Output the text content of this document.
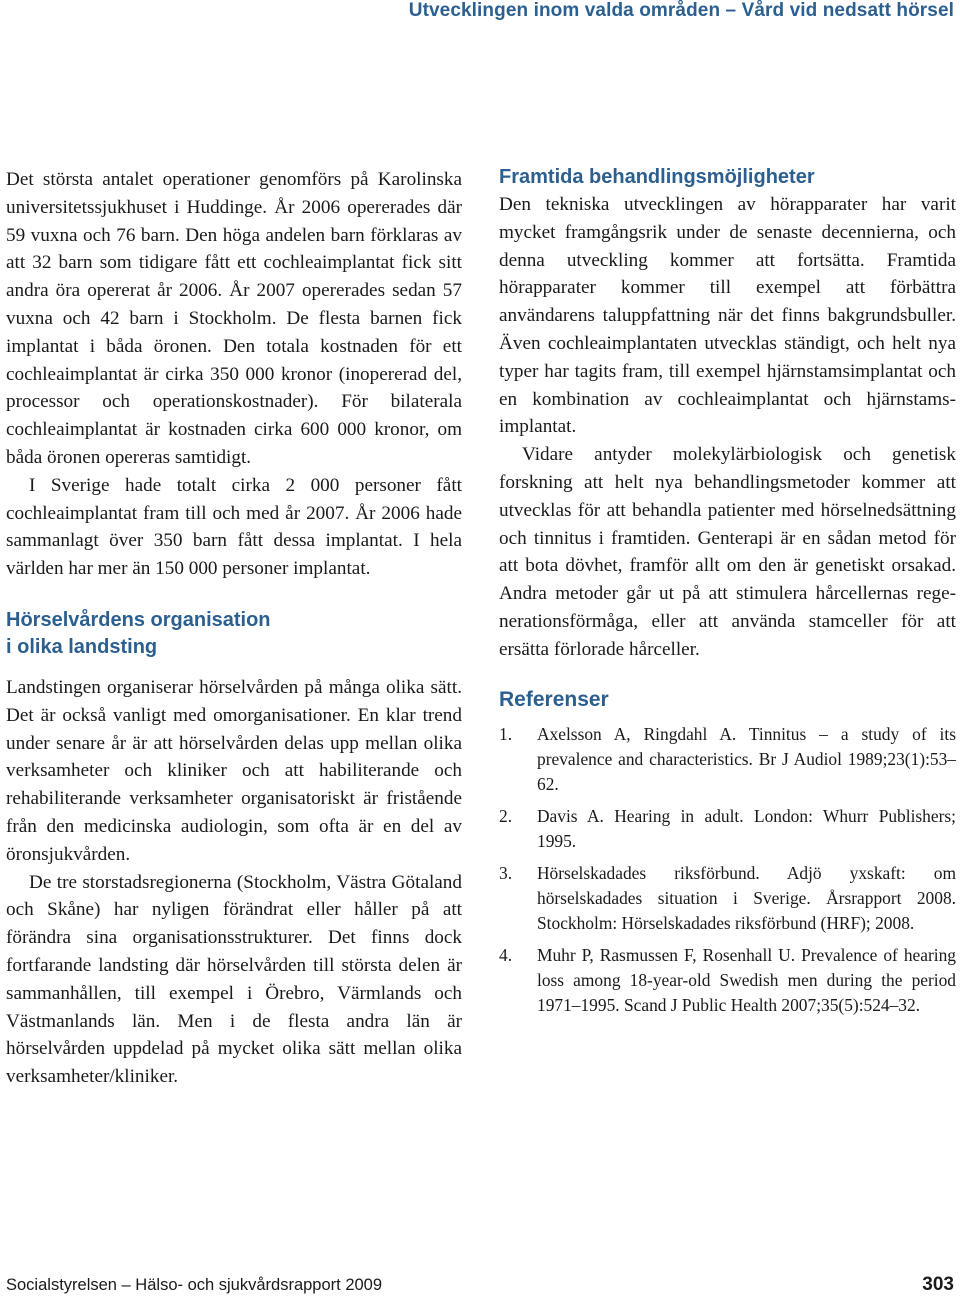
Utvecklingen inom valda områden – Vård vid nedsatt hörsel

Det största antalet operationer genomförs på Karolinska universitetssjukhuset i Huddinge. År 2006 opererades där 59 vuxna och 76 barn. Den höga andelen barn förklaras av att 32 barn som tidigare fått ett cochleaimplantat fick sitt andra öra opererat år 2006. År 2007 opererades sedan 57 vuxna och 42 barn i Stockholm. De flesta barnen fick implantat i båda öronen. Den totala kostnaden för ett cochleaimplantat är cirka 350 000 kronor (inopererad del, processor och operationskostnader). För bilaterala cochleaimplantat är kostnaden cirka 600 000 kronor, om båda öronen opereras samtidigt.

I Sverige hade totalt cirka 2 000 personer fått cochleaimplantat fram till och med år 2007. År 2006 hade sammanlagt över 350 barn fått dessa implantat. I hela världen har mer än 150 000 personer implantat.

Hörselvårdens organisation
i olika landsting

Landstingen organiserar hörselvården på många olika sätt. Det är också vanligt med omorganisationer. En klar trend under senare år är att hörselvården delas upp mellan olika verksamheter och kliniker och att habiliterande och rehabiliterande verksamheter organisatoriskt är fristående från den medicinska audiologin, som ofta är en del av öronsjukvården.

De tre storstadsregionerna (Stockholm, Västra Götaland och Skåne) har nyligen förändrat eller håller på att förändra sina organisationsstrukturer. Det finns dock fortfarande landsting där hörselvården till största delen är sammanhållen, till exempel i Örebro, Värmlands och Västmanlands län. Men i de flesta andra län är hörselvården uppdelad på mycket olika sätt mellan olika verksamheter/kliniker.

Framtida behandlingsmöjligheter

Den tekniska utvecklingen av hörapparater har varit mycket framgångsrik under de senaste decennierna, och denna utveckling kommer att fortsätta. Framtida hörapparater kommer till exempel att förbättra användarens taluppfattning när det finns bakgrundsbuller. Även cochleaimplantaten utvecklas ständigt, och helt nya typer har tagits fram, till exempel hjärnstamsimplantat och en kombination av cochleaimplantat och hjärnstamsimplantat.

Vidare antyder molekylärbiologisk och genetisk forskning att helt nya behandlingsmetoder kommer att utvecklas för att behandla patienter med hörselnedsättning och tinnitus i framtiden. Genterapi är en sådan metod för att bota dövhet, framför allt om den är genetiskt orsakad. Andra metoder går ut på att stimulera hårcellernas regenerationsförmåga, eller att använda stamceller för att ersätta förlorade hårceller.

Referenser
1. Axelsson A, Ringdahl A. Tinnitus – a study of its prevalence and characteristics. Br J Audiol 1989;23(1):53–62.
2. Davis A. Hearing in adult. London: Whurr Publishers; 1995.
3. Hörselskadades riksförbund. Adjö yxskaft: om hörselskadades situation i Sverige. Årsrapport 2008. Stockholm: Hörselskadades riksförbund (HRF); 2008.
4. Muhr P, Rasmussen F, Rosenhall U. Prevalence of hearing loss among 18-year-old Swedish men during the period 1971–1995. Scand J Public Health 2007;35(5):524–32.
Socialstyrelsen – Hälso- och sjukvårdsrapport 2009	303
